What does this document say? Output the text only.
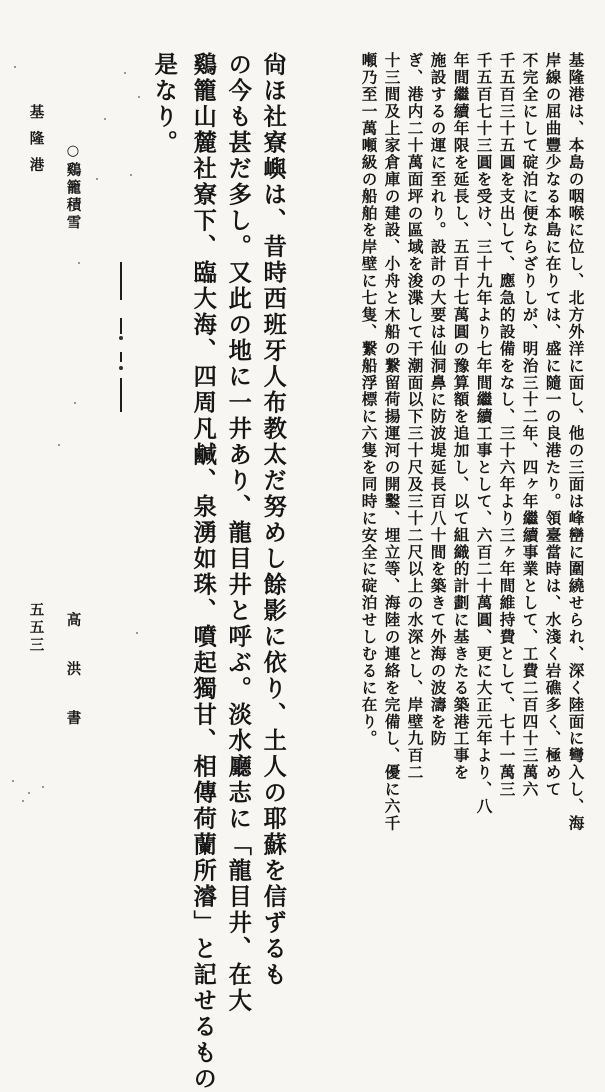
基隆港は、本島の咽喉に位し、北方外洋に面し、他の三面は峰巒に圍繞せられ、深く陸面に彎入し、海
岸線の屈曲豐少なる本島に在りては、盛に隨一の良港たり。領臺當時は、水淺く岩礁多く、極めて
不完全にして碇泊に便ならざりしが、明治三十二年、四ヶ年繼續事業として、工費二百四十三萬六
千五百三十五圓を支出して、應急的設備をなし、三十六年より三ヶ年間維持費として、七十一萬三
千五百七十三圓を受け、三十九年より七年間繼續工事として、六百二十萬圓、更に大正元年より、八
年間繼續年限を延長し、五百十七萬圓の豫算額を追加し、以て組織的計劃に基きたる築港工事を
施設するの運に至れり。設計の大要は仙洞鼻に防波堤延長百八十間を築きて外海の波濤を防
ぎ、港内二十萬面坪の區域を浚渫して干潮面以下三十尺及三十二尺以上の水深とし、岸壁九百二
十三間及上家倉庫の建設、小舟と木船の繋留荷揚運河の開鑿、埋立等、海陸の連絡を完備し、優に六千
噸乃至一萬噸級の船舶を岸壁に七隻、繋船浮標に六隻を同時に安全に碇泊せしむるに在り。
尙ほ社寮嶼は、昔時西班牙人布教太だ努めし餘影に依り、土人の耶蘇を信ずるも
の今も甚だ多し。又此の地に一井あり、龍目井と呼ぶ。淡水廳志に「龍目井、在大
鷄籠山麓社寮下、臨大海、四周凡鹹、泉湧如珠、噴起獨甘、相傳荷蘭所濬」と記せるもの
是なり。
基隆港 ○鷄籠積雪
高　洪　書
五五三
